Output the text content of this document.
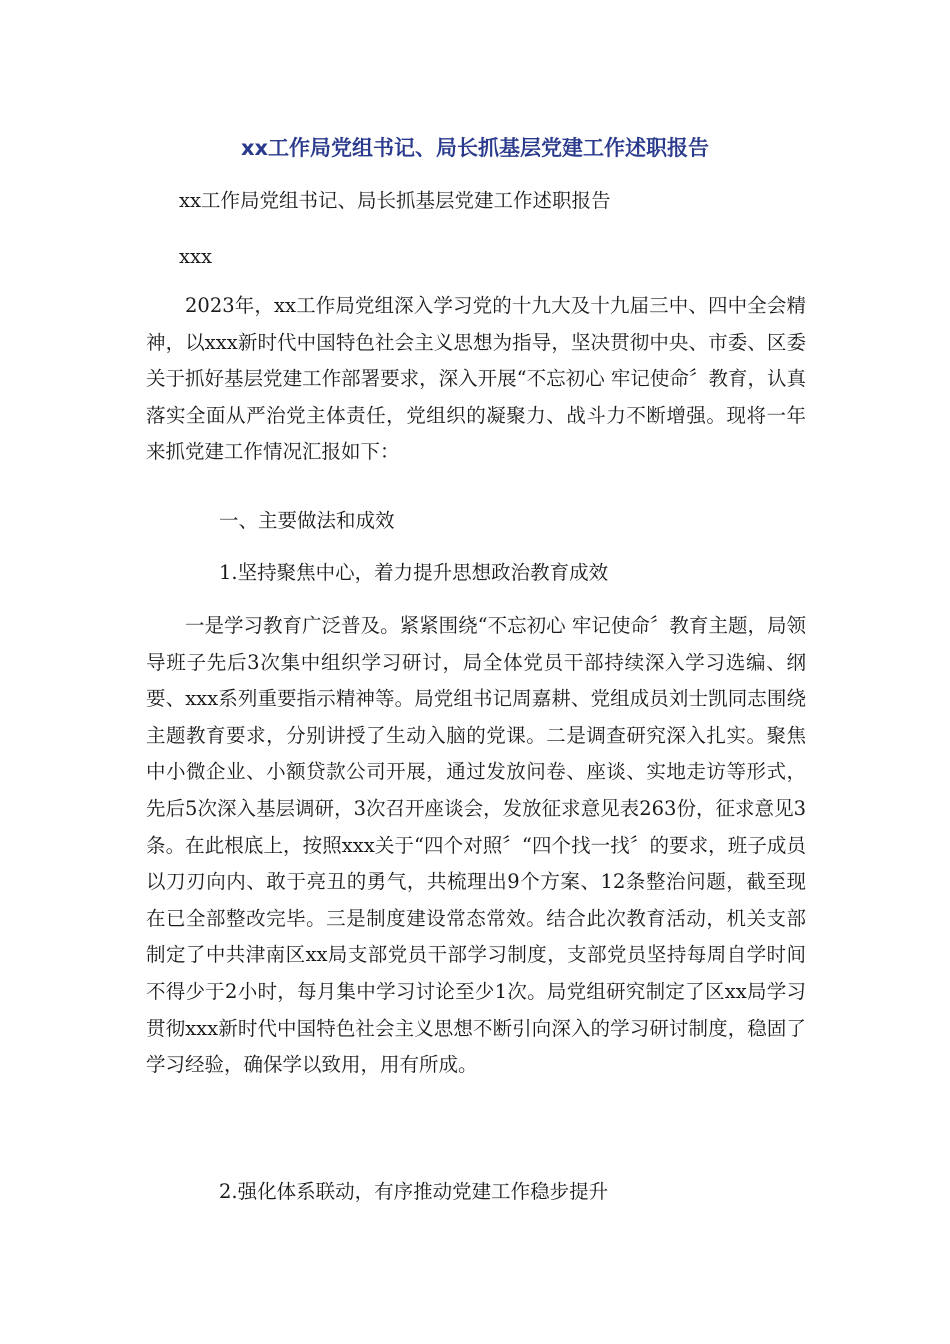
xx工作局党组书记、局长抓基层党建工作述职报告
xx工作局党组书记、局长抓基层党建工作述职报告
xxx

2023年，xx工作局党组深入学习党的十九大及十九届三中、四中全会精神，以xxx新时代中国特色社会主义思想为指导，坚决贯彻中央、市委、区委关于抓好基层党建工作部署要求，深入开展“不忘初心 牢记使命〞教育，认真落实全面从严治党主体责任，党组织的凝聚力、战斗力不断增强。现将一年来抓党建工作情况汇报如下：

一、主要做法和成效
1.坚持聚焦中心，着力提升思想政治教育成效

一是学习教育广泛普及。紧紧围绕“不忘初心 牢记使命〞教育主题，局领导班子先后3次集中组织学习研讨，局全体党员干部持续深入学习选编、纲要、xxx系列重要指示精神等。局党组书记周嘉耕、党组成员刘士凯同志围绕主题教育要求，分别讲授了生动入脑的党课。二是调查研究深入扎实。聚焦中小微企业、小额贷款公司开展，通过发放问卷、座谈、实地走访等形式，先后5次深入基层调研，3次召开座谈会，发放征求意见表263份，征求意见3条。在此根底上，按照xxx关于“四个对照〞“四个找一找〞的要求，班子成员以刀刃向内、敢于亮丑的勇气，共梳理出9个方案、12条整治问题，截至现在已全部整改完毕。三是制度建设常态常效。结合此次教育活动，机关支部制定了中共津南区xx局支部党员干部学习制度，支部党员坚持每周自学时间不得少于2小时，每月集中学习讨论至少1次。局党组研究制定了区xx局学习贯彻xxx新时代中国特色社会主义思想不断引向深入的学习研讨制度，稳固了学习经验，确保学以致用，用有所成。

2.强化体系联动，有序推动党建工作稳步提升
